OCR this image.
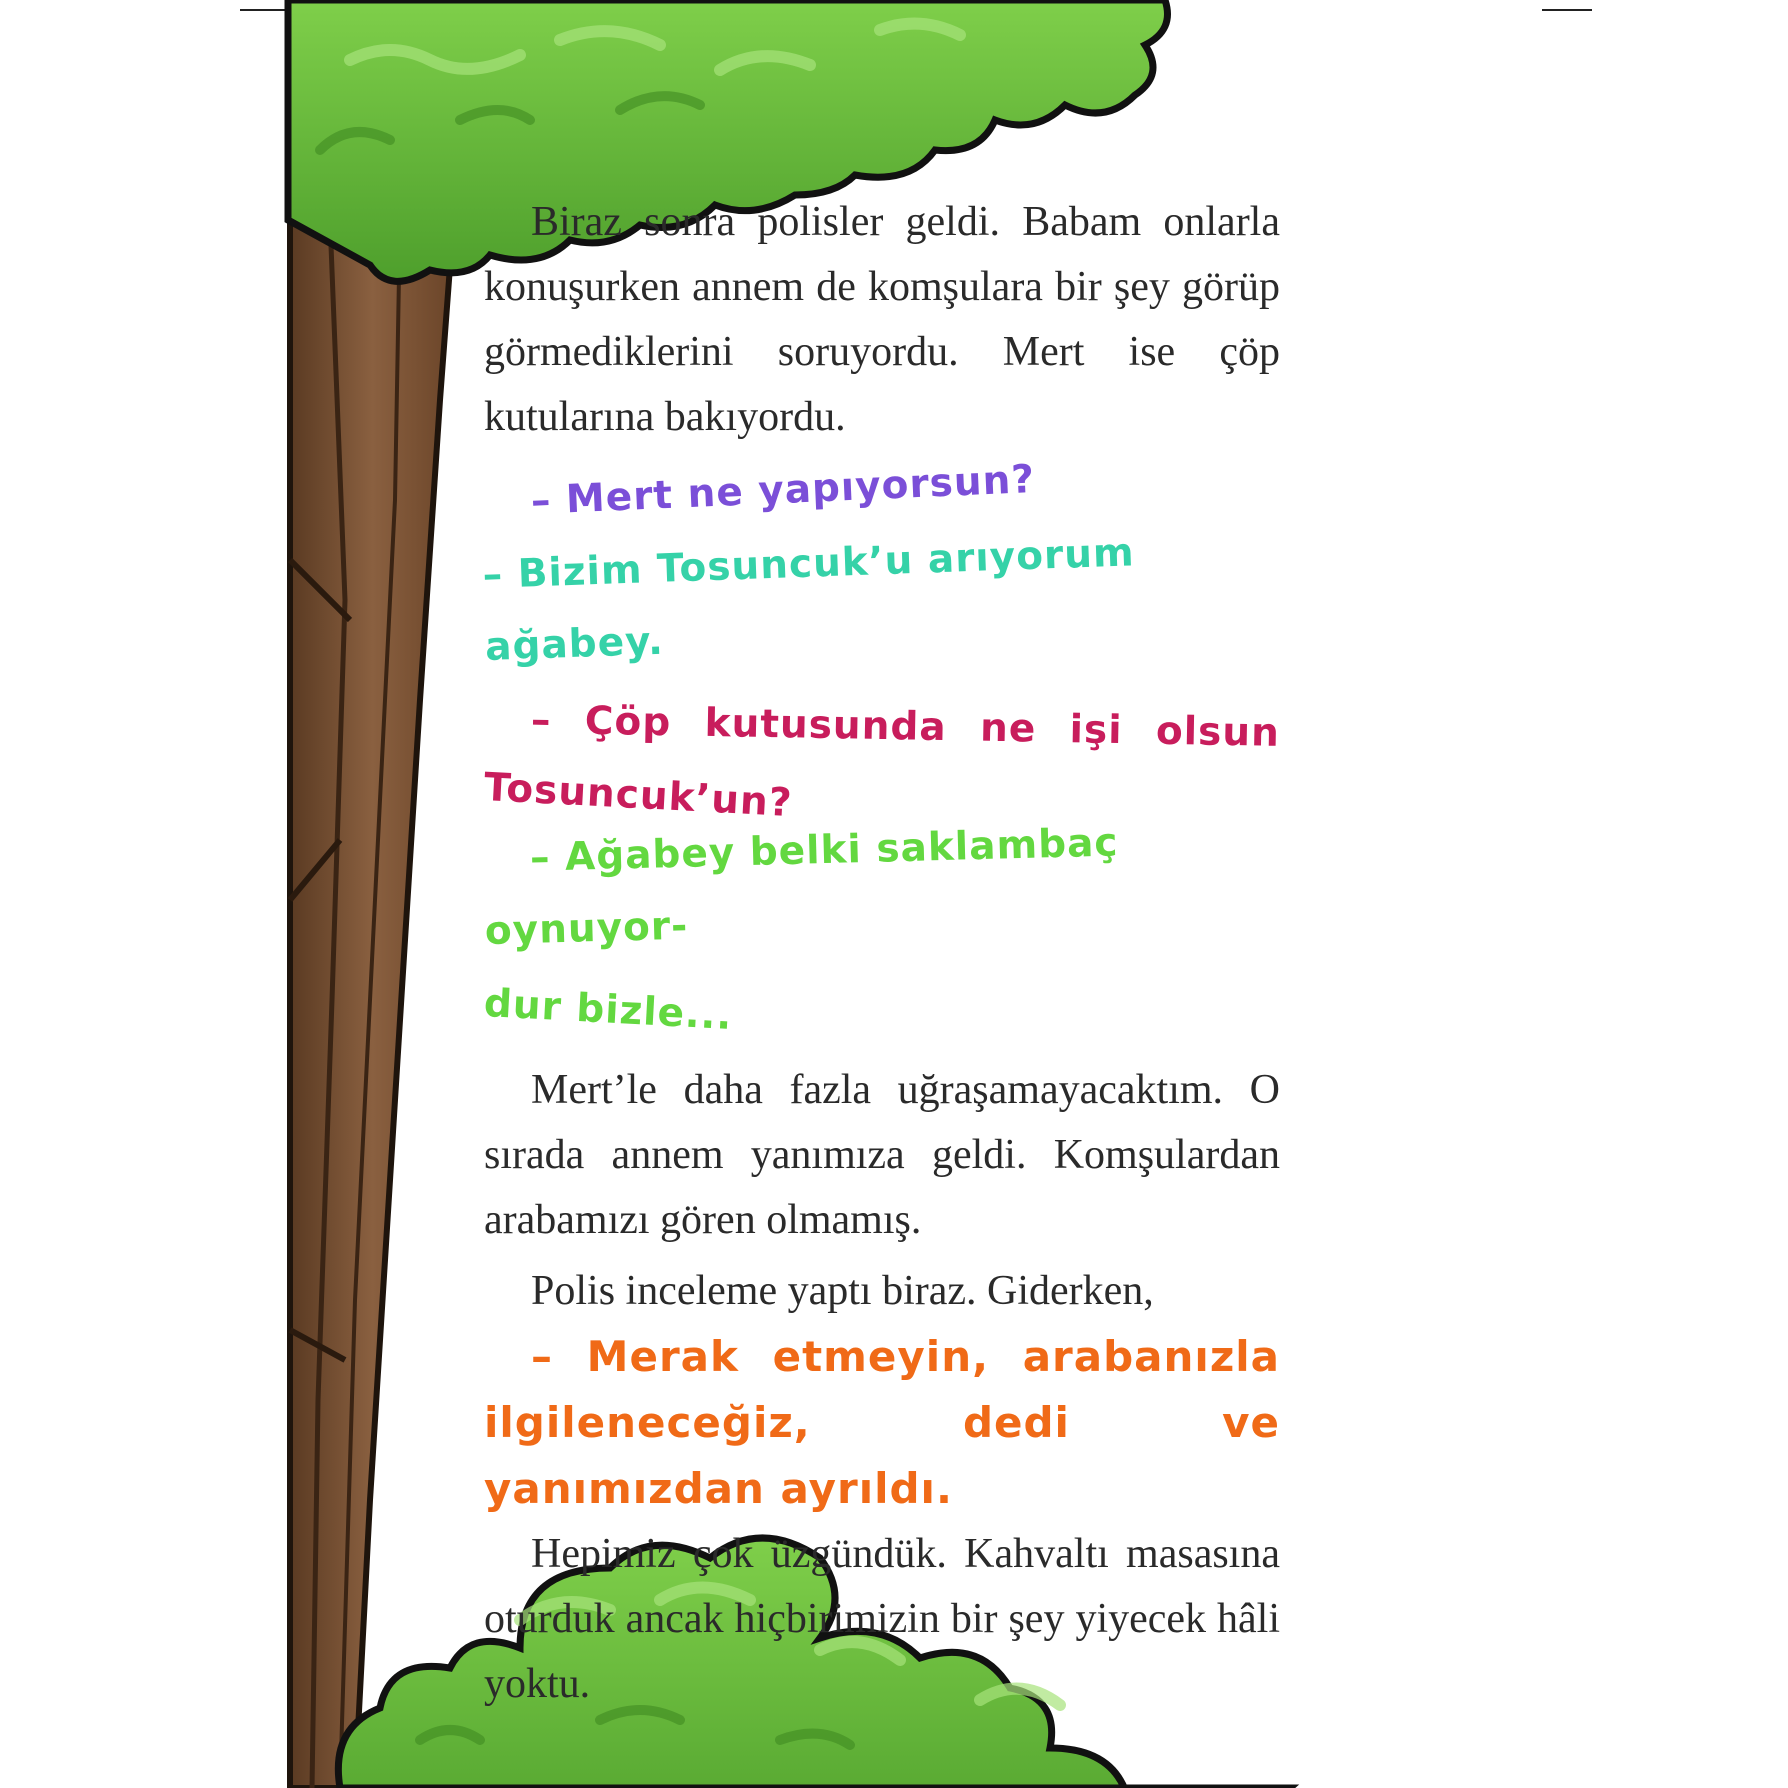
Biraz sonra polisler geldi. Babam onlarla konuşurken annem de komşulara bir şey görüp görmediklerini soruyordu. Mert ise çöp kutularına bakıyordu.

– Mert ne yapıyorsun?

– Bizim Tosuncuk’u arıyorum ağabey.

– Çöp kutusunda ne işi olsun

Tosuncuk’un?

– Ağabey belki saklambaç oynuyor-

dur bizle...

Mert’le daha fazla uğraşamayacaktım. O sırada annem yanımıza geldi. Komşulardan arabamızı gören olmamış.

Polis inceleme yaptı biraz. Giderken,

– Merak etmeyin, arabanızla ilgileneceğiz, dedi ve yanımızdan ayrıldı.

Hepimiz çok üzgündük. Kahvaltı masasına oturduk ancak hiçbirimizin bir şey yiyecek hâli yoktu.
